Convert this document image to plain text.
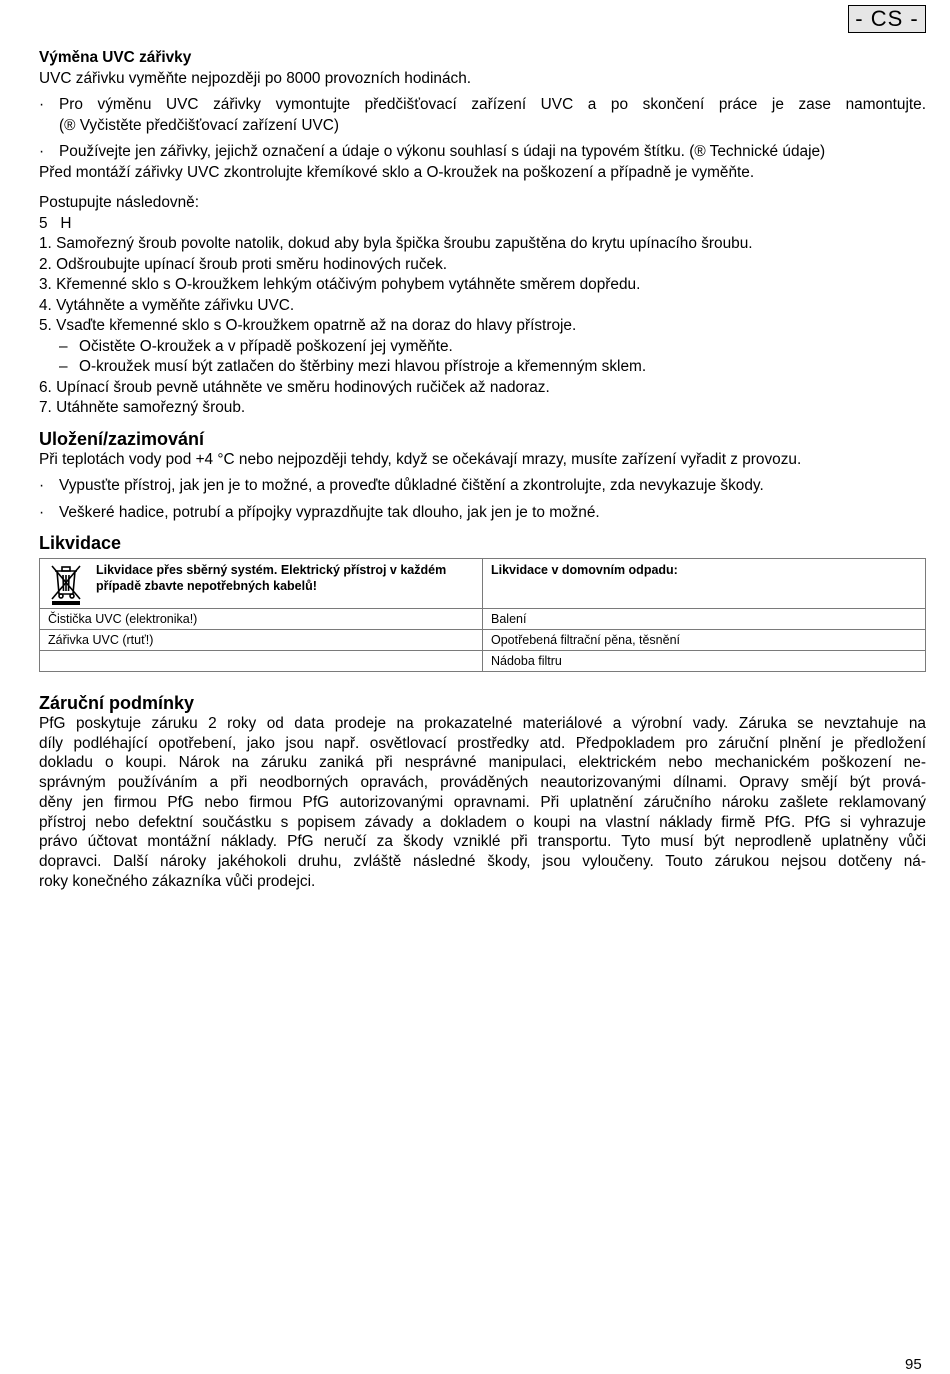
- CS -
Výměna UVC zářivky
UVC zářivku vyměňte nejpozději po 8000 provozních hodinách.
· Pro výměnu UVC zářivky vymontujte předčišťovací zařízení UVC a po skončení práce je zase namontujte.
(® Vyčistěte předčišťovací zařízení UVC)
· Používejte jen zářivky, jejichž označení a údaje o výkonu souhlasí s údaji na typovém štítku. (® Technické údaje)
Před montáží zářivky UVC zkontrolujte křemíkové sklo a O-kroužek na poškození a případně je vyměňte.
Postupujte následovně:
5   H
1. Samořezný šroub povolte natolik, dokud aby byla špička šroubu zapuštěna do krytu upínacího šroubu.
2. Odšroubujte upínací šroub proti směru hodinových ruček.
3. Křemenné sklo s O-kroužkem lehkým otáčivým pohybem vytáhněte směrem dopředu.
4. Vytáhněte a vyměňte zářivku UVC.
5. Vsaďte křemenné sklo s O-kroužkem opatrně až na doraz do hlavy přístroje.
– Očistěte O-kroužek a v případě poškození jej vyměňte.
– O-kroužek musí být zatlačen do štěrbiny mezi hlavou přístroje a křemenným sklem.
6. Upínací šroub pevně utáhněte ve směru hodinových ručiček až nadoraz.
7. Utáhněte samořezný šroub.
Uložení/zazimování
Při teplotách vody pod +4 °C nebo nejpozději tehdy, když se očekávají mrazy, musíte zařízení vyřadit z provozu.
· Vypusťte přístroj, jak jen je to možné, a proveďte důkladné čištění a zkontrolujte, zda nevykazuje škody.
· Veškeré hadice, potrubí a přípojky vyprazdňujte tak dlouho, jak jen je to možné.
Likvidace
Likvidace přes sběrný systém. Elektrický přístroj v každém
případě zbavte nepotřebných kabelů!	Likvidace v domovním odpadu:
Čistička UVC (elektronika!)	Balení
Zářivka UVC (rtuť!)	Opotřebená filtrační pěna, těsnění
	Nádoba filtru
Záruční podmínky
PfG poskytuje záruku 2 roky od data prodeje na prokazatelné materiálové a výrobní vady. Záruka se nevztahuje na
díly podléhající opotřebení, jako jsou např. osvětlovací prostředky atd. Předpokladem pro záruční plnění je předložení
dokladu o koupi. Nárok na záruku zaniká při nesprávné manipulaci, elektrickém nebo mechanickém poškození ne-
správným používáním a při neodborných opravách, prováděných neautorizovanými dílnami. Opravy smějí být prová-
děny jen firmou PfG nebo firmou PfG autorizovanými opravnami. Při uplatnění záručního nároku zašlete reklamovaný
přístroj nebo defektní součástku s popisem závady a dokladem o koupi na vlastní náklady firmě PfG. PfG si vyhrazuje
právo účtovat montážní náklady. PfG neručí za škody vzniklé při transportu. Tyto musí být neprodleně uplatněny vůči
dopravci. Další nároky jakéhokoli druhu, zvláště následné škody, jsou vyloučeny. Touto zárukou nejsou dotčeny ná-
roky konečného zákazníka vůči prodejci.
95
